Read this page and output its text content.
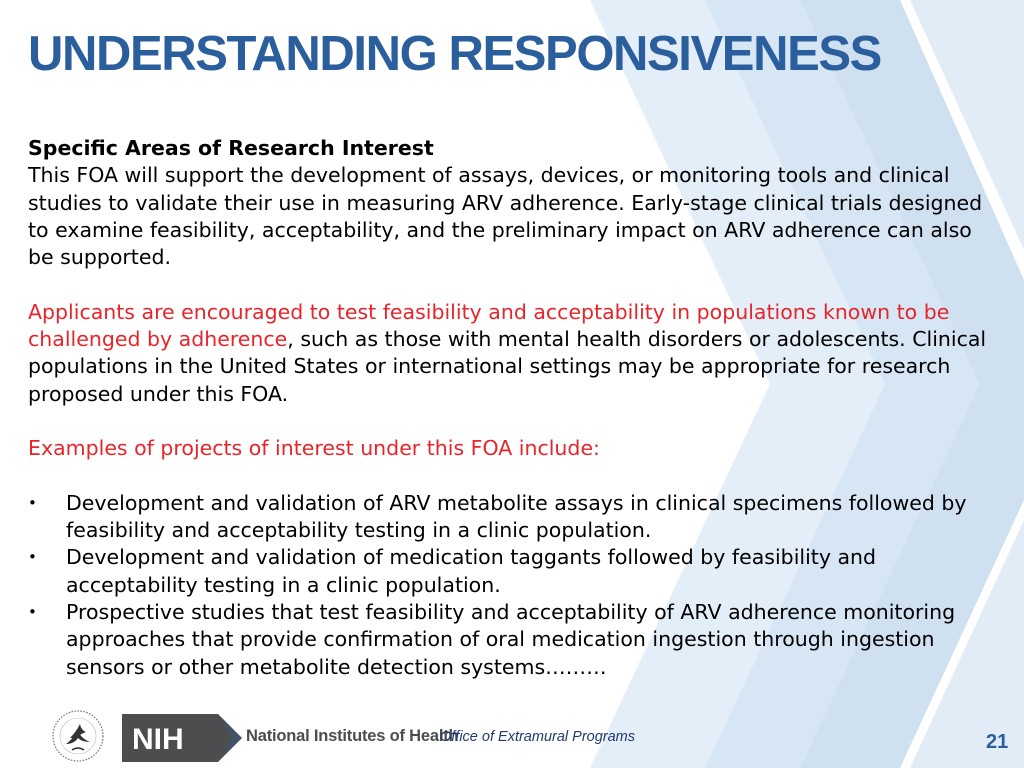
UNDERSTANDING RESPONSIVENESS

Specific Areas of Research Interest

This FOA will support the development of assays, devices, or monitoring tools and clinical studies to validate their use in measuring ARV adherence. Early-stage clinical trials designed to examine feasibility, acceptability, and the preliminary impact on ARV adherence can also be supported.

Applicants are encouraged to test feasibility and acceptability in populations known to be challenged by adherence, such as those with mental health disorders or adolescents. Clinical populations in the United States or international settings may be appropriate for research proposed under this FOA.

Examples of projects of interest under this FOA include:

• Development and validation of ARV metabolite assays in clinical specimens followed by feasibility and acceptability testing in a clinic population.
• Development and validation of medication taggants followed by feasibility and acceptability testing in a clinic population.
• Prospective studies that test feasibility and acceptability of ARV adherence monitoring approaches that provide confirmation of oral medication ingestion through ingestion sensors or other metabolite detection systems………
NIH	National Institutes of Health
Office of Extramural Programs	21
